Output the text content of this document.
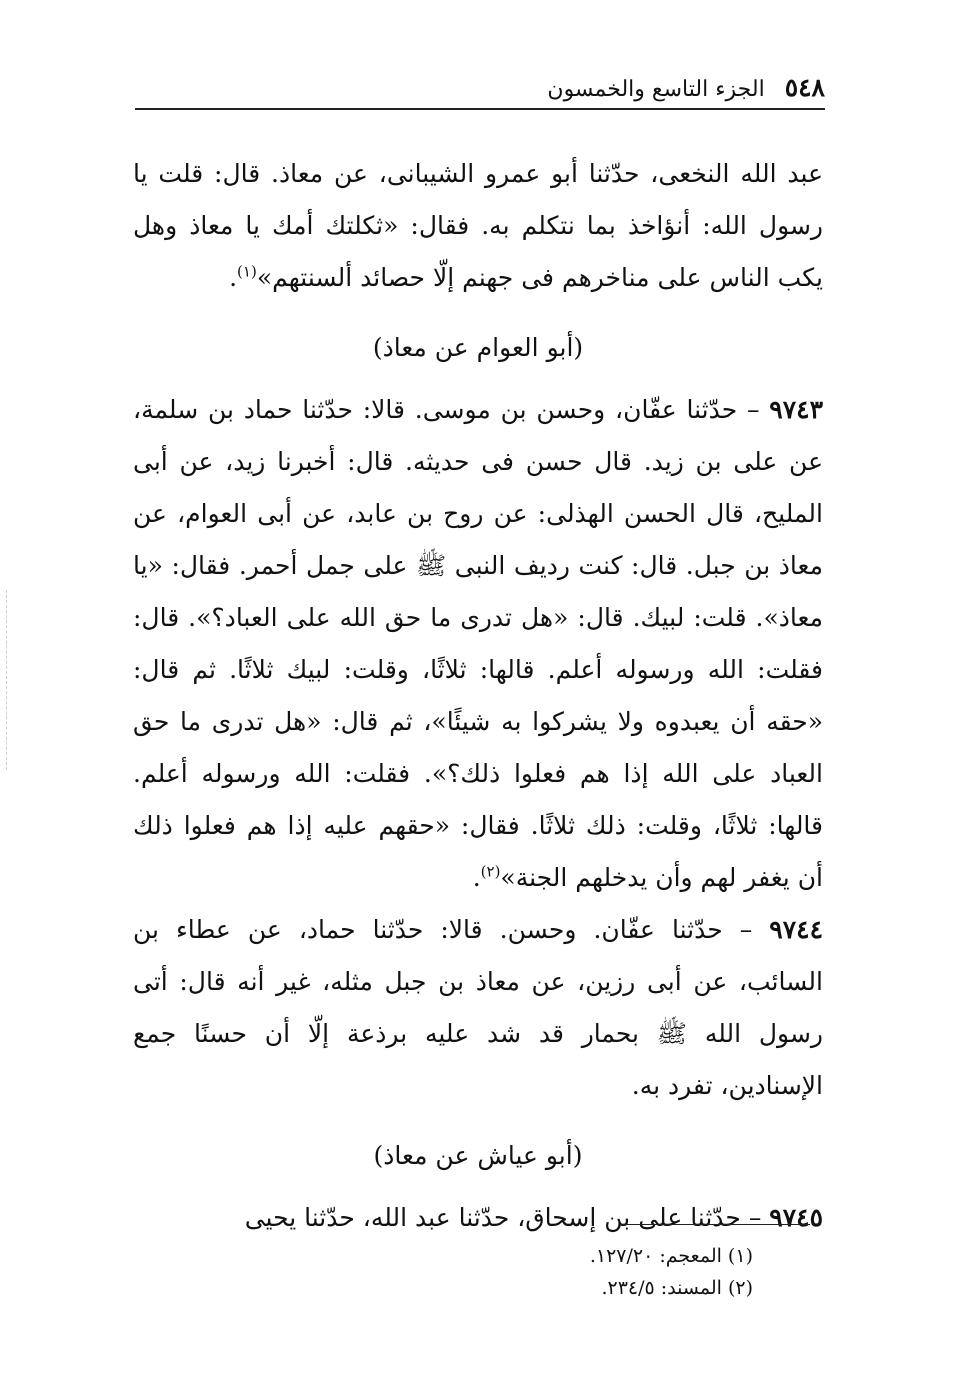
٥٤٨
الجزء التاسع والخمسون

عبد الله النخعى، حدّثنا أبو عمرو الشيبانى، عن معاذ. قال: قلت يا رسول الله: أنؤاخذ بما نتكلم به. فقال: «ثكلتك أمك يا معاذ وهل يكب الناس على مناخرهم فى جهنم إلّا حصائد ألسنتهم»$^{(١)}$.

(أبو العوام عن معاذ)

٩٧٤٣ – حدّثنا عفّان، وحسن بن موسى. قالا: حدّثنا حماد بن سلمة، عن على بن زيد. قال حسن فى حديثه. قال: أخبرنا زيد، عن أبى المليح، قال الحسن الهذلى: عن روح بن عابد، عن أبى العوام، عن معاذ بن جبل. قال: كنت رديف النبى ﷺ على جمل أحمر. فقال: «يا معاذ». قلت: لبيك. قال: «هل تدرى ما حق الله على العباد؟». قال: فقلت: الله ورسوله أعلم. قالها: ثلاثًا، وقلت: لبيك ثلاثًا. ثم قال: «حقه أن يعبدوه ولا يشركوا به شيئًا»، ثم قال: «هل تدرى ما حق العباد على الله إذا هم فعلوا ذلك؟». فقلت: الله ورسوله أعلم. قالها: ثلاثًا، وقلت: ذلك ثلاثًا. فقال: «حقهم عليه إذا هم فعلوا ذلك أن يغفر لهم وأن يدخلهم الجنة»$^{(٢)}$.

٩٧٤٤ – حدّثنا عفّان. وحسن. قالا: حدّثنا حماد، عن عطاء بن السائب، عن أبى رزين، عن معاذ بن جبل مثله، غير أنه قال: أتى رسول الله ﷺ بحمار قد شد عليه برذعة إلّا أن حسنًا جمع الإسنادين، تفرد به.

(أبو عياش عن معاذ)

٩٧٤٥ – حدّثنا على بن إسحاق، حدّثنا عبد الله، حدّثنا يحيى

(١) المعجم: ١٢٧/٢٠.

(٢) المسند: ٢٣٤/٥.
